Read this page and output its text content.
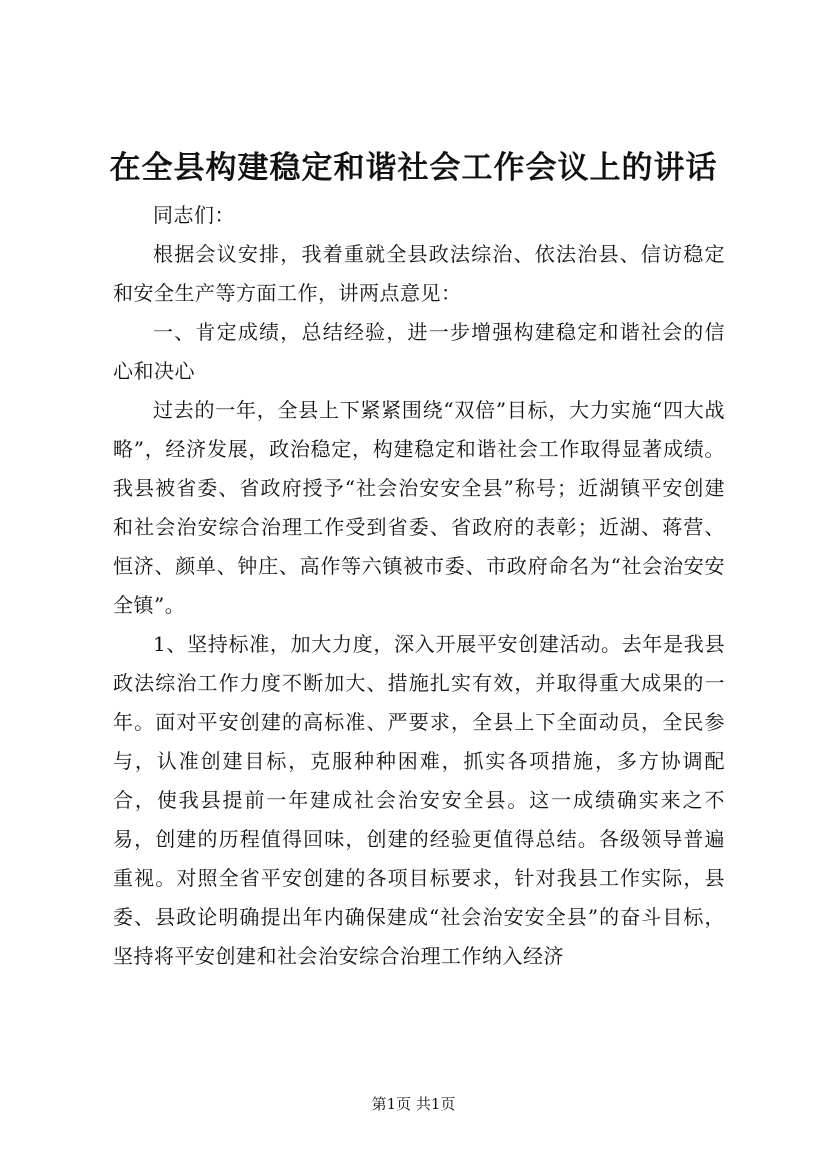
在全县构建稳定和谐社会工作会议上的讲话

同志们：

根据会议安排，我着重就全县政法综治、依法治县、信访稳定和安全生产等方面工作，讲两点意见：

一、肯定成绩，总结经验，进一步增强构建稳定和谐社会的信心和决心

过去的一年，全县上下紧紧围绕“双倍”目标，大力实施“四大战略”，经济发展，政治稳定，构建稳定和谐社会工作取得显著成绩。我县被省委、省政府授予“社会治安安全县”称号；近湖镇平安创建和社会治安综合治理工作受到省委、省政府的表彰；近湖、蒋营、恒济、颜单、钟庄、高作等六镇被市委、市政府命名为“社会治安安全镇”。

1、坚持标准，加大力度，深入开展平安创建活动。去年是我县政法综治工作力度不断加大、措施扎实有效，并取得重大成果的一年。面对平安创建的高标准、严要求，全县上下全面动员，全民参与，认准创建目标，克服种种困难，抓实各项措施，多方协调配合，使我县提前一年建成社会治安安全县。这一成绩确实来之不易，创建的历程值得回味，创建的经验更值得总结。各级领导普遍重视。对照全省平安创建的各项目标要求，针对我县工作实际，县委、县政论明确提出年内确保建成“社会治安安全县”的奋斗目标，坚持将平安创建和社会治安综合治理工作纳入经济

第1页 共1页
